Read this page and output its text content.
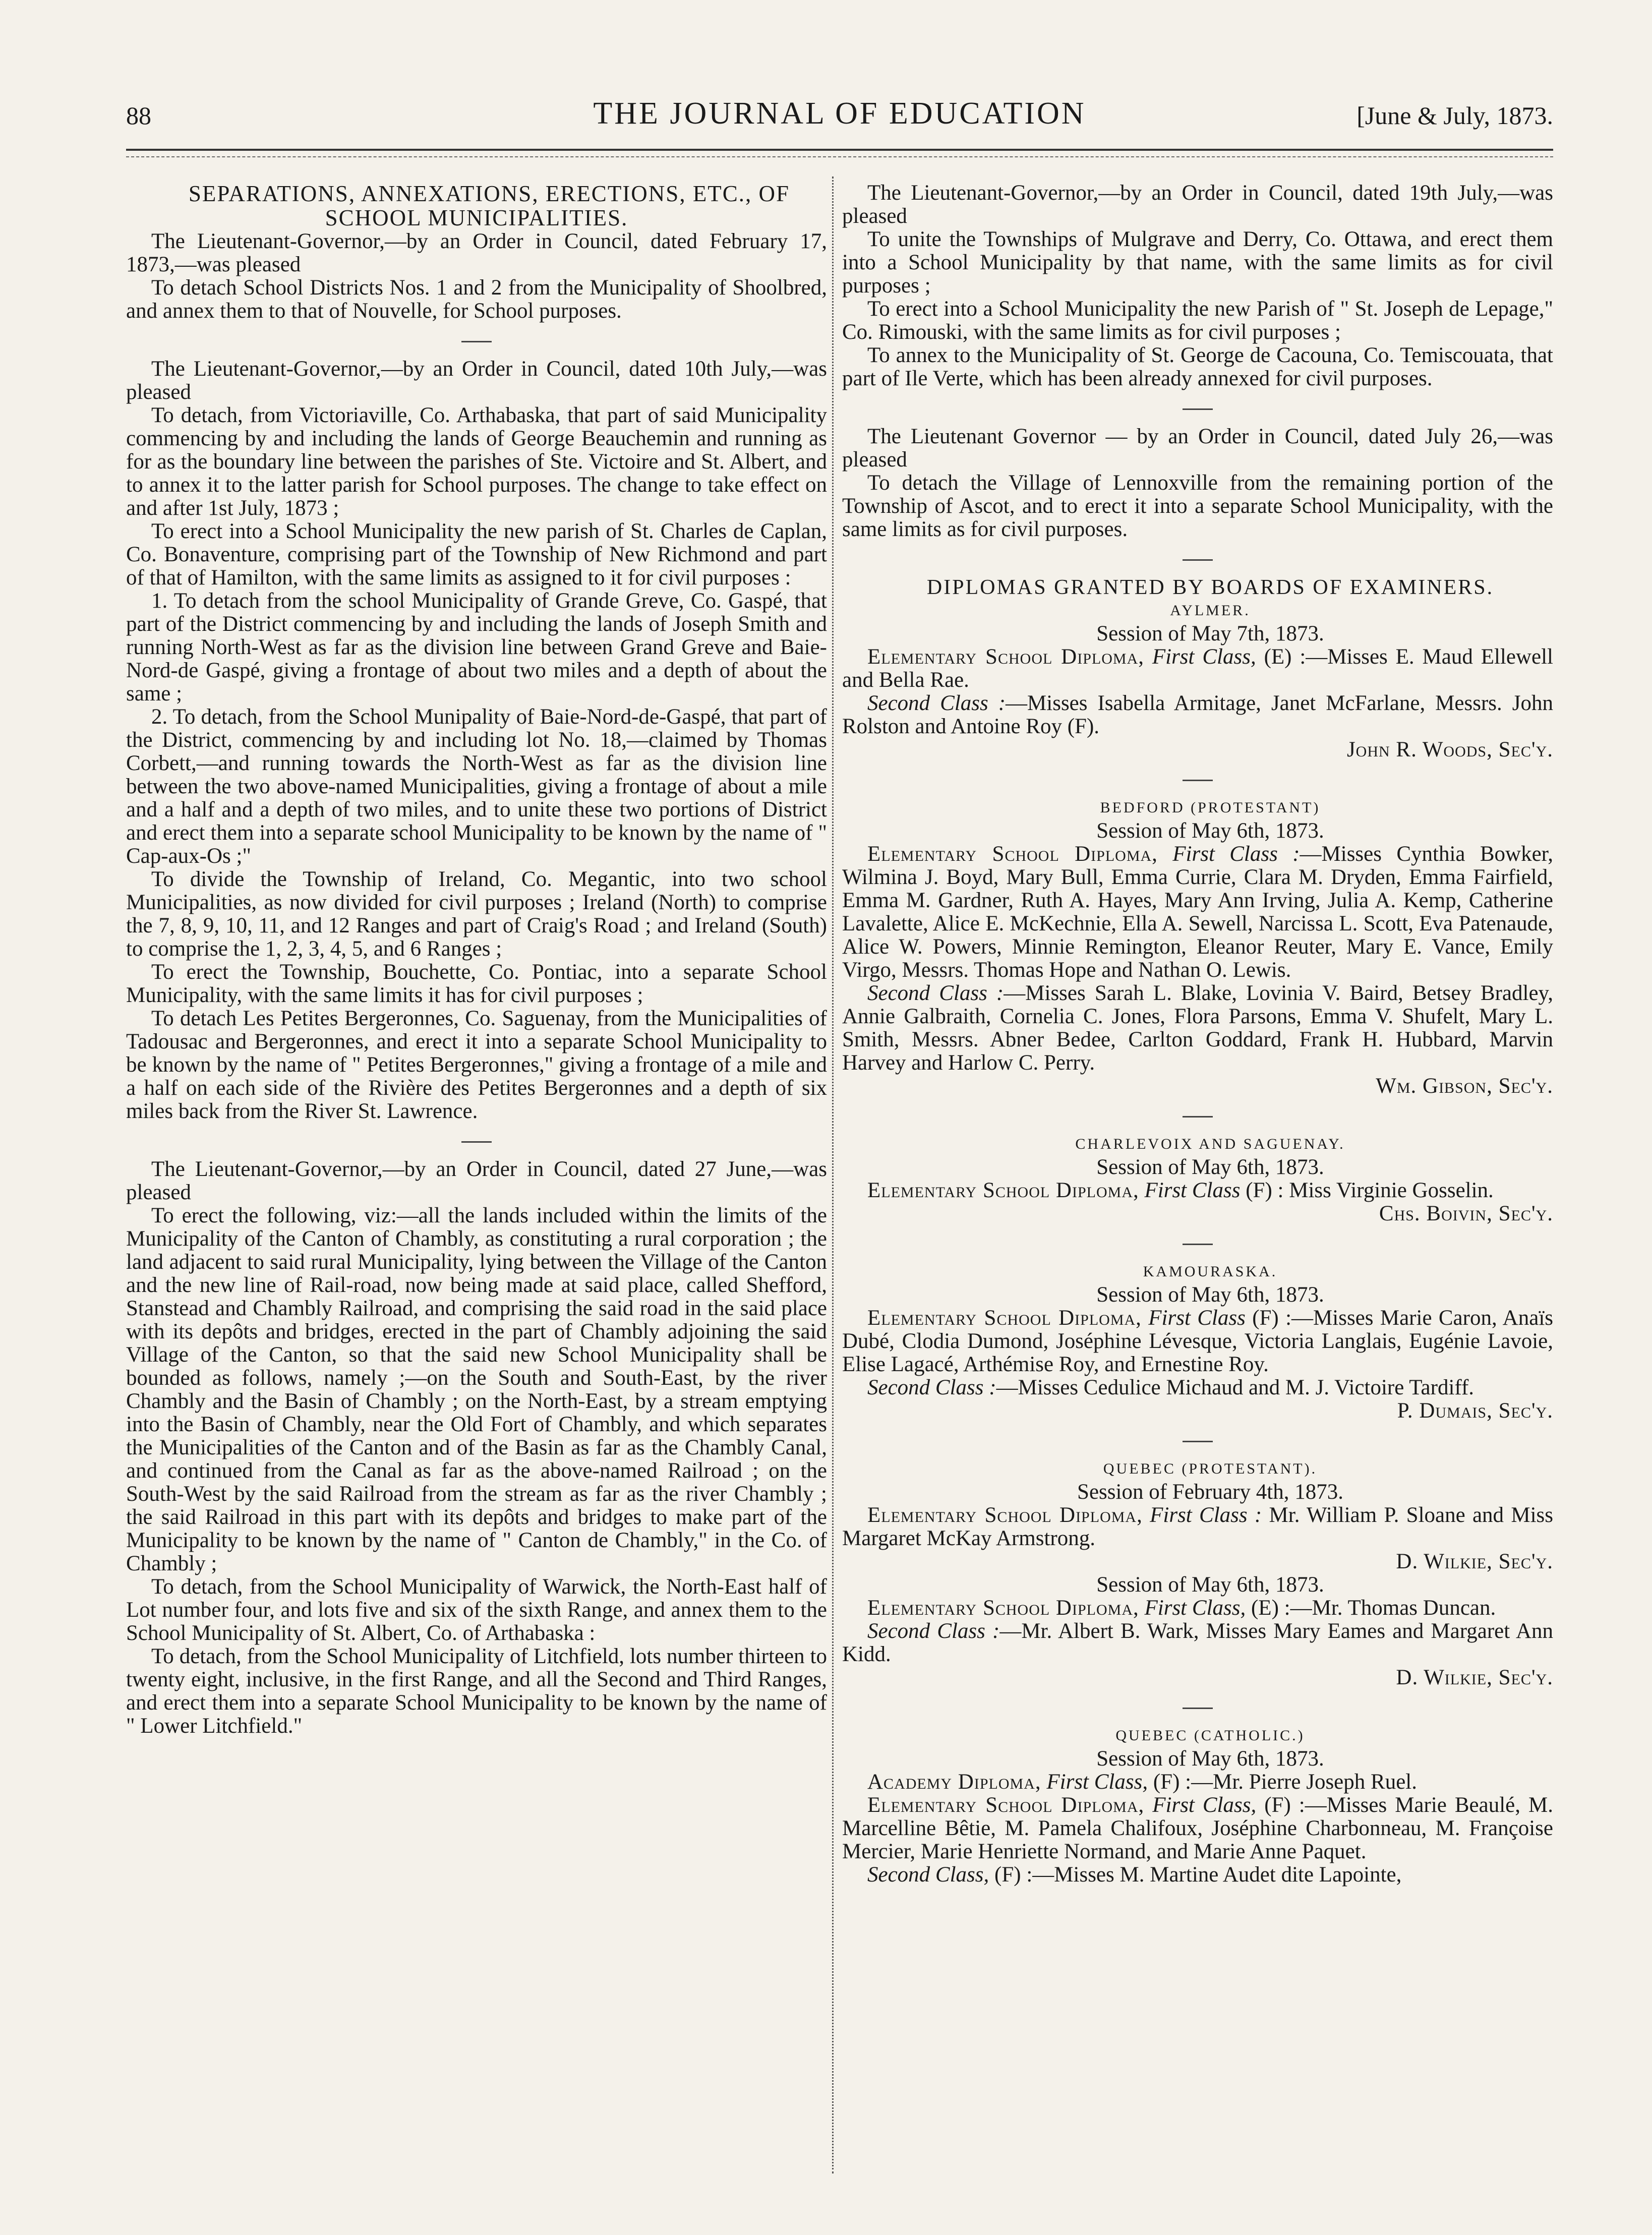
88	THE JOURNAL OF EDUCATION	[June & July, 1873.

SEPARATIONS, ANNEXATIONS, ERECTIONS, ETC., OF SCHOOL MUNICIPALITIES.

The Lieutenant-Governor,—by an Order in Council, dated February 17, 1873,—was pleased

To detach School Districts Nos. 1 and 2 from the Municipality of Shoolbred, and annex them to that of Nouvelle, for School purposes.

The Lieutenant-Governor,—by an Order in Council, dated 10th July,—was pleased

To detach, from Victoriaville, Co. Arthabaska, that part of said Municipality commencing by and including the lands of George Beauchemin and running as for as the boundary line between the parishes of Ste. Victoire and St. Albert, and to annex it to the latter parish for School purposes. The change to take effect on and after 1st July, 1873 ;

To erect into a School Municipality the new parish of St. Charles de Caplan, Co. Bonaventure, comprising part of the Township of New Richmond and part of that of Hamilton, with the same limits as assigned to it for civil purposes :

1. To detach from the school Municipality of Grande Greve, Co. Gaspé, that part of the District commencing by and including the lands of Joseph Smith and running North-West as far as the division line between Grand Greve and Baie-Nord-de Gaspé, giving a frontage of about two miles and a depth of about the same ;

2. To detach, from the School Munipality of Baie-Nord-de-Gaspé, that part of the District, commencing by and including lot No. 18,—claimed by Thomas Corbett,—and running towards the North-West as far as the division line between the two above-named Municipalities, giving a frontage of about a mile and a half and a depth of two miles, and to unite these two portions of District and erect them into a separate school Municipality to be known by the name of " Cap-aux-Os ;"

To divide the Township of Ireland, Co. Megantic, into two school Municipalities, as now divided for civil purposes ; Ireland (North) to comprise the 7, 8, 9, 10, 11, and 12 Ranges and part of Craig's Road ; and Ireland (South) to comprise the 1, 2, 3, 4, 5, and 6 Ranges ;

To erect the Township, Bouchette, Co. Pontiac, into a separate School Municipality, with the same limits it has for civil purposes ;

To detach Les Petites Bergeronnes, Co. Saguenay, from the Municipalities of Tadousac and Bergeronnes, and erect it into a separate School Municipality to be known by the name of " Petites Bergeronnes," giving a frontage of a mile and a half on each side of the Rivière des Petites Bergeronnes and a depth of six miles back from the River St. Lawrence.

The Lieutenant-Governor,—by an Order in Council, dated 27 June,—was pleased

To erect the following, viz:—all the lands included within the limits of the Municipality of the Canton of Chambly, as constituting a rural corporation ; the land adjacent to said rural Municipality, lying between the Village of the Canton and the new line of Rail-road, now being made at said place, called Shefford, Stanstead and Chambly Railroad, and comprising the said road in the said place with its depôts and bridges, erected in the part of Chambly adjoining the said Village of the Canton, so that the said new School Municipality shall be bounded as follows, namely ;—on the South and South-East, by the river Chambly and the Basin of Chambly ; on the North-East, by a stream emptying into the Basin of Chambly, near the Old Fort of Chambly, and which separates the Municipalities of the Canton and of the Basin as far as the Chambly Canal, and continued from the Canal as far as the above-named Railroad ; on the South-West by the said Railroad from the stream as far as the river Chambly ; the said Railroad in this part with its depôts and bridges to make part of the Municipality to be known by the name of " Canton de Chambly," in the Co. of Chambly ;

To detach, from the School Municipality of Warwick, the North-East half of Lot number four, and lots five and six of the sixth Range, and annex them to the School Municipality of St. Albert, Co. of Arthabaska :

To detach, from the School Municipality of Litchfield, lots number thirteen to twenty eight, inclusive, in the first Range, and all the Second and Third Ranges, and erect them into a separate School Municipality to be known by the name of " Lower Litchfield."

The Lieutenant-Governor,—by an Order in Council, dated 19th July,—was pleased

To unite the Townships of Mulgrave and Derry, Co. Ottawa, and erect them into a School Municipality by that name, with the same limits as for civil purposes ;

To erect into a School Municipality the new Parish of " St. Joseph de Lepage," Co. Rimouski, with the same limits as for civil purposes ;

To annex to the Municipality of St. George de Cacouna, Co. Temiscouata, that part of Ile Verte, which has been already annexed for civil purposes.

The Lieutenant Governor — by an Order in Council, dated July 26,—was pleased

To detach the Village of Lennoxville from the remaining portion of the Township of Ascot, and to erect it into a separate School Municipality, with the same limits as for civil purposes.

DIPLOMAS GRANTED BY BOARDS OF EXAMINERS.

AYLMER.

Session of May 7th, 1873.

Elementary School Diploma, First Class, (E) :—Misses E. Maud Ellewell and Bella Rae.

Second Class :—Misses Isabella Armitage, Janet McFarlane, Messrs. John Rolston and Antoine Roy (F).

John R. Woods, Sec'y.

BEDFORD (PROTESTANT)

Session of May 6th, 1873.

Elementary School Diploma, First Class :—Misses Cynthia Bowker, Wilmina J. Boyd, Mary Bull, Emma Currie, Clara M. Dryden, Emma Fairfield, Emma M. Gardner, Ruth A. Hayes, Mary Ann Irving, Julia A. Kemp, Catherine Lavalette, Alice E. McKechnie, Ella A. Sewell, Narcissa L. Scott, Eva Patenaude, Alice W. Powers, Minnie Remington, Eleanor Reuter, Mary E. Vance, Emily Virgo, Messrs. Thomas Hope and Nathan O. Lewis.

Second Class :—Misses Sarah L. Blake, Lovinia V. Baird, Betsey Bradley, Annie Galbraith, Cornelia C. Jones, Flora Parsons, Emma V. Shufelt, Mary L. Smith, Messrs. Abner Bedee, Carlton Goddard, Frank H. Hubbard, Marvin Harvey and Harlow C. Perry.

Wm. Gibson, Sec'y.

CHARLEVOIX AND SAGUENAY.

Session of May 6th, 1873.

Elementary School Diploma, First Class (F) : Miss Virginie Gosselin.

Chs. Boivin, Sec'y.

KAMOURASKA.

Session of May 6th, 1873.

Elementary School Diploma, First Class (F) :—Misses Marie Caron, Anaïs Dubé, Clodia Dumond, Joséphine Lévesque, Victoria Langlais, Eugénie Lavoie, Elise Lagacé, Arthémise Roy, and Ernestine Roy.

Second Class :—Misses Cedulice Michaud and M. J. Victoire Tardiff.

P. Dumais, Sec'y.

QUEBEC (PROTESTANT).

Session of February 4th, 1873.

Elementary School Diploma, First Class : Mr. William P. Sloane and Miss Margaret McKay Armstrong.

D. Wilkie, Sec'y.

Session of May 6th, 1873.

Elementary School Diploma, First Class, (E) :—Mr. Thomas Duncan.

Second Class :—Mr. Albert B. Wark, Misses Mary Eames and Margaret Ann Kidd.

D. Wilkie, Sec'y.

QUEBEC (CATHOLIC.)

Session of May 6th, 1873.

Academy Diploma, First Class, (F) :—Mr. Pierre Joseph Ruel.

Elementary School Diploma, First Class, (F) :—Misses Marie Beaulé, M. Marcelline Bêtie, M. Pamela Chalifoux, Joséphine Charbonneau, M. Françoise Mercier, Marie Henriette Normand, and Marie Anne Paquet.

Second Class, (F) :—Misses M. Martine Audet dite Lapointe,
